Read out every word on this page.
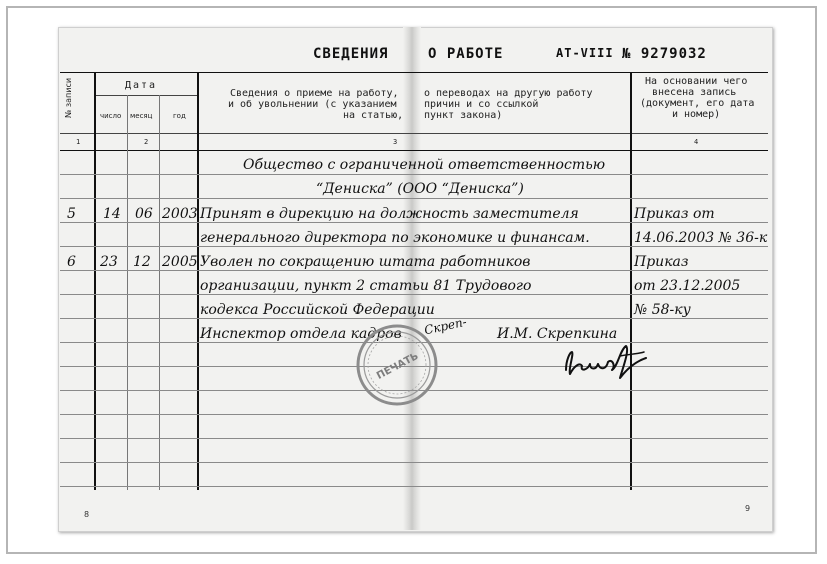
СВЕДЕНИЯ	О РАБОТЕ	АТ-VIII № 9279032
№ записи	Дата
число месяц	год
Сведения о приеме на работу,
и об увольнении (с указанием
на статью,
о переводах на другую работу
причин и со ссылкой
пункт закона)
На основании чего
внесена запись
(документ, его дата
и номер)
1	2	3	4
Общество с ограниченной ответственностью
“Дениска” (ООО “Дениска”)
5 14 06 2003 Принят в дирекцию на должность заместителя
генерального директора по экономике и финансам.
Приказ от
14.06.2003 № 36-к
6 23 12 2005 Уволен по сокращению штата работников
организации, пункт 2 статьи 81 Трудового
кодекса Российской Федерации
Приказ
от 23.12.2005
№ 58-ку
Инспектор отдела кадров	И.М. Скрепкина
Скреп-
ПЕЧАТЬ
8
9
